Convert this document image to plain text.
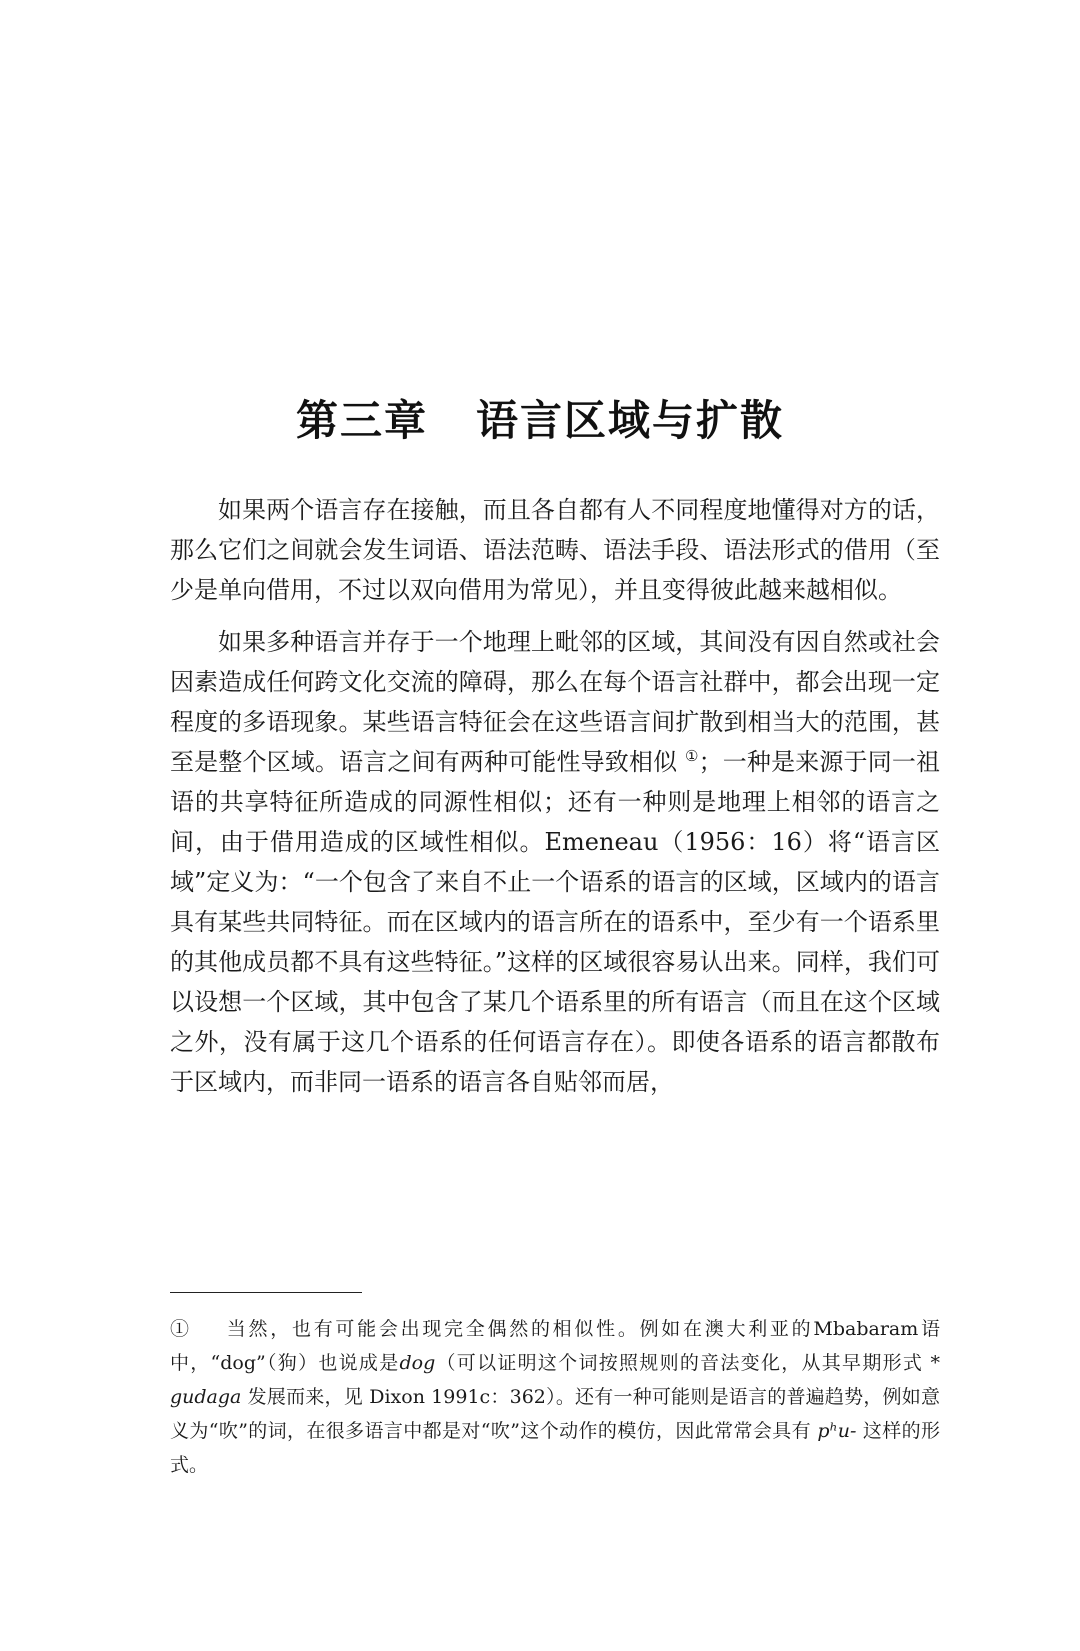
第三章 语言区域与扩散

如果两个语言存在接触，而且各自都有人不同程度地懂得对方的话，那么它们之间就会发生词语、语法范畴、语法手段、语法形式的借用（至少是单向借用，不过以双向借用为常见），并且变得彼此越来越相似。

如果多种语言并存于一个地理上毗邻的区域，其间没有因自然或社会因素造成任何跨文化交流的障碍，那么在每个语言社群中，都会出现一定程度的多语现象。某些语言特征会在这些语言间扩散到相当大的范围，甚至是整个区域。语言之间有两种可能性导致相似 ①；一种是来源于同一祖语的共享特征所造成的同源性相似；还有一种则是地理上相邻的语言之间，由于借用造成的区域性相似。Emeneau（1956：16）将“语言区域”定义为：“一个包含了来自不止一个语系的语言的区域，区域内的语言具有某些共同特征。而在区域内的语言所在的语系中，至少有一个语系里的其他成员都不具有这些特征。”这样的区域很容易认出来。同样，我们可以设想一个区域，其中包含了某几个语系里的所有语言（而且在这个区域之外，没有属于这几个语系的任何语言存在）。即使各语系的语言都散布于区域内，而非同一语系的语言各自贴邻而居，

① 当然，也有可能会出现完全偶然的相似性。例如在澳大利亚的Mbabaram语中，“dog”（狗）也说成是dog（可以证明这个词按照规则的音法变化，从其早期形式 * gudaga 发展而来，见 Dixon 1991c：362）。还有一种可能则是语言的普遍趋势，例如意义为“吹”的词，在很多语言中都是对“吹”这个动作的模仿，因此常常会具有 pʰu- 这样的形式。
